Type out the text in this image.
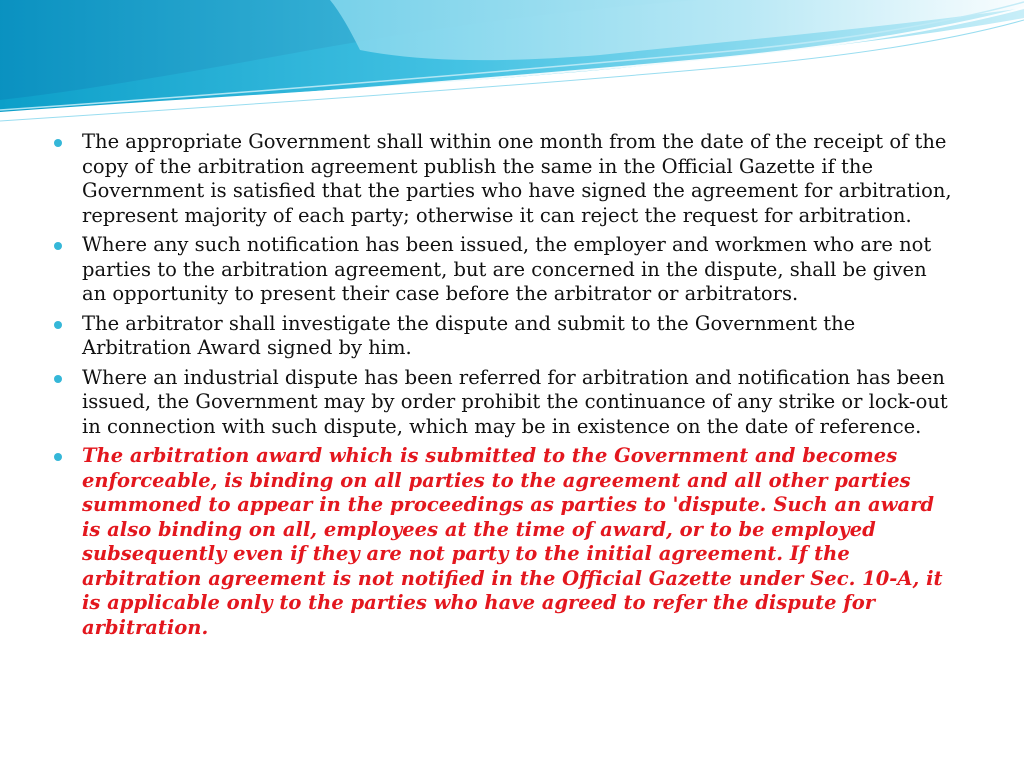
The appropriate Government shall within one month from the date of the receipt of the copy of the arbitration agreement publish the same in the Official Gazette if the Government is satisfied that the parties who have signed the agreement for arbitration, represent majority of each party; otherwise it can reject the request for arbitration.
Where any such notification has been issued, the employer and workmen who are not parties to the arbitration agreement, but are concerned in the dispute, shall be given an opportunity to present their case before the arbitrator or arbitrators.
The arbitrator shall investigate the dispute and submit to the Government the Arbitration Award signed by him.
Where an industrial dispute has been referred for arbitration and notification has been issued, the Government may by order prohibit the continuance of any strike or lock-out in connection with such dispute, which may be in existence on the date of reference.
The arbitration award which is submitted to the Government and becomes enforceable, is binding on all parties to the agreement and all other parties summoned to appear in the proceedings as parties to 'dispute. Such an award is also binding on all, employees at the time of award, or to be employed subsequently even if they are not party to the initial agreement. If the arbitration agreement is not notified in the Official Gazette under Sec. 10-A, it is applicable only to the parties who have agreed to refer the dispute for arbitration.
